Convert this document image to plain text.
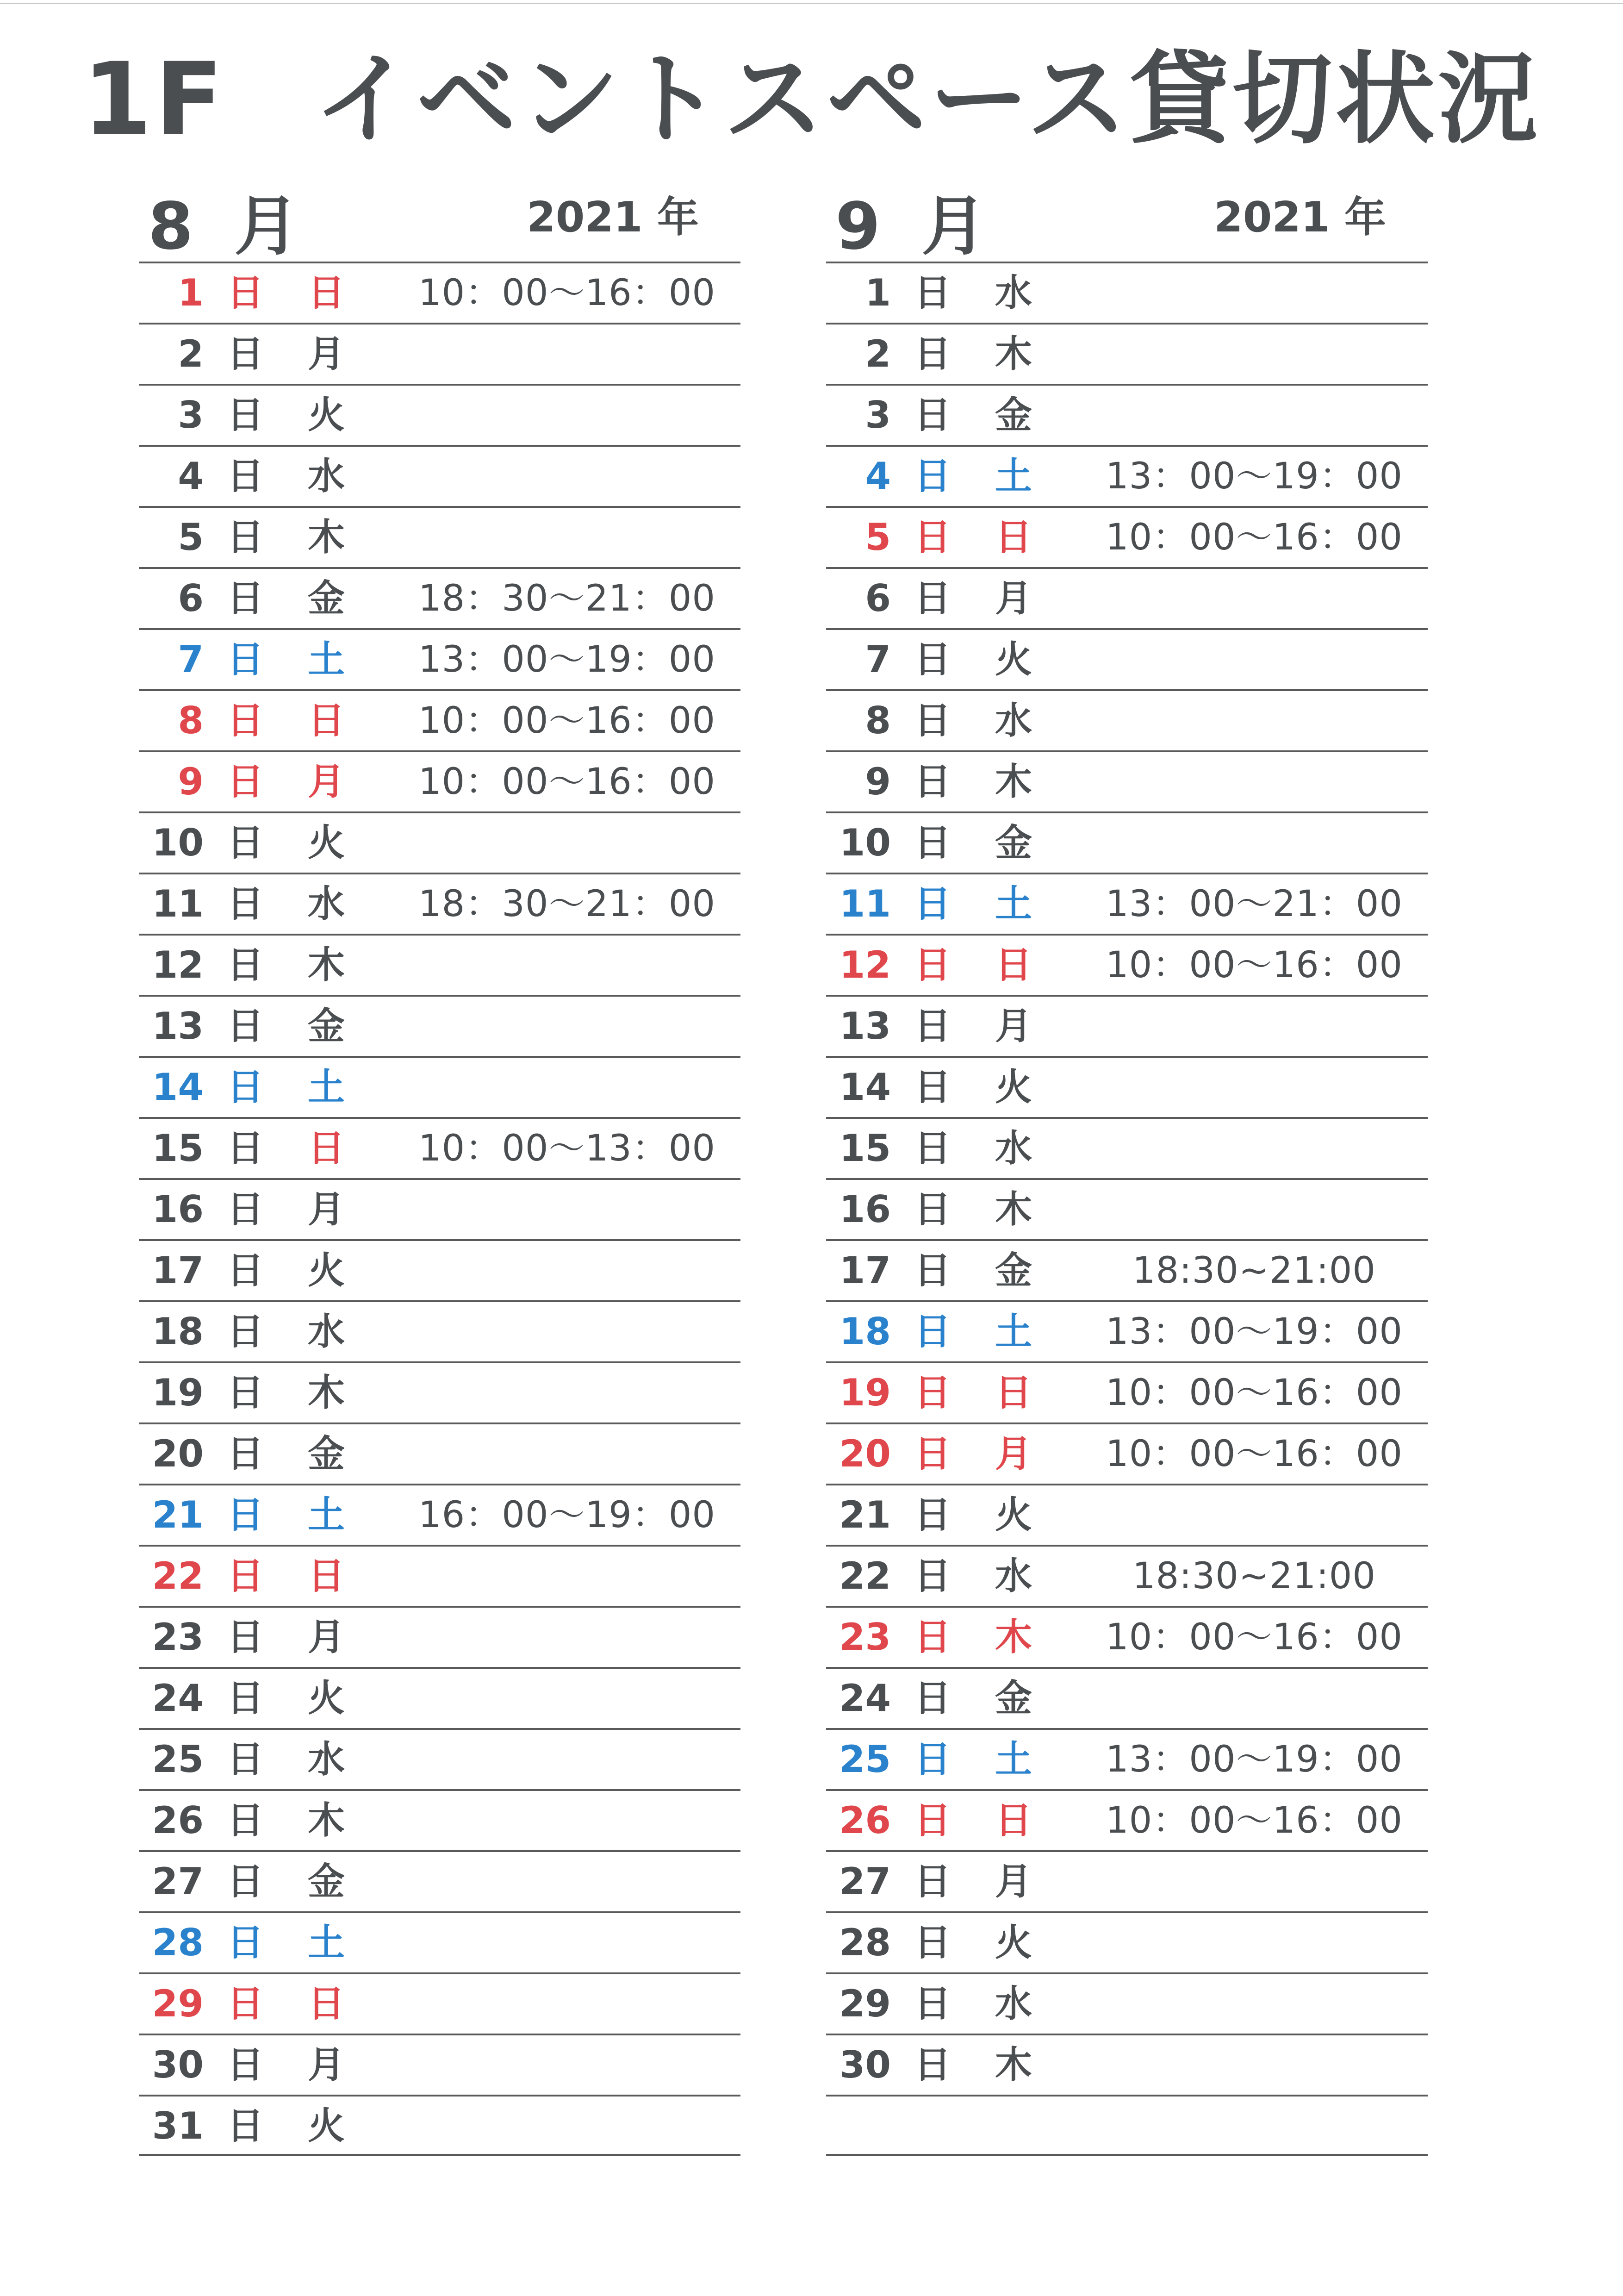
1F イベントスペース貸切状況
8 月	2021 年
1 日 日	10：00～16：00
2 日 月
3 日 火
4 日 水
5 日 木
6 日 金	18：30～21：00
7 日 土	13：00～19：00
8 日 日	10：00～16：00
9 日 月	10：00～16：00
10 日 火
11 日 水	18：30～21：00
12 日 木
13 日 金
14 日 土
15 日 日	10：00～13：00
16 日 月
17 日 火
18 日 水
19 日 木
20 日 金
21 日 土	16：00～19：00
22 日 日
23 日 月
24 日 火
25 日 水
26 日 木
27 日 金
28 日 土
29 日 日
30 日 月
31 日 火
9 月	2021 年
1 日 水
2 日 木
3 日 金
4 日 土	13：00～19：00
5 日 日	10：00～16：00
6 日 月
7 日 火
8 日 水
9 日 木
10 日 金
11 日 土	13：00～21：00
12 日 日	10：00～16：00
13 日 月
14 日 火
15 日 水
16 日 木
17 日 金	18:30~21:00
18 日 土	13：00～19：00
19 日 日	10：00～16：00
20 日 月	10：00～16：00
21 日 火
22 日 水	18:30~21:00
23 日 木	10：00～16：00
24 日 金
25 日 土	13：00～19：00
26 日 日	10：00～16：00
27 日 月
28 日 火
29 日 水
30 日 木
